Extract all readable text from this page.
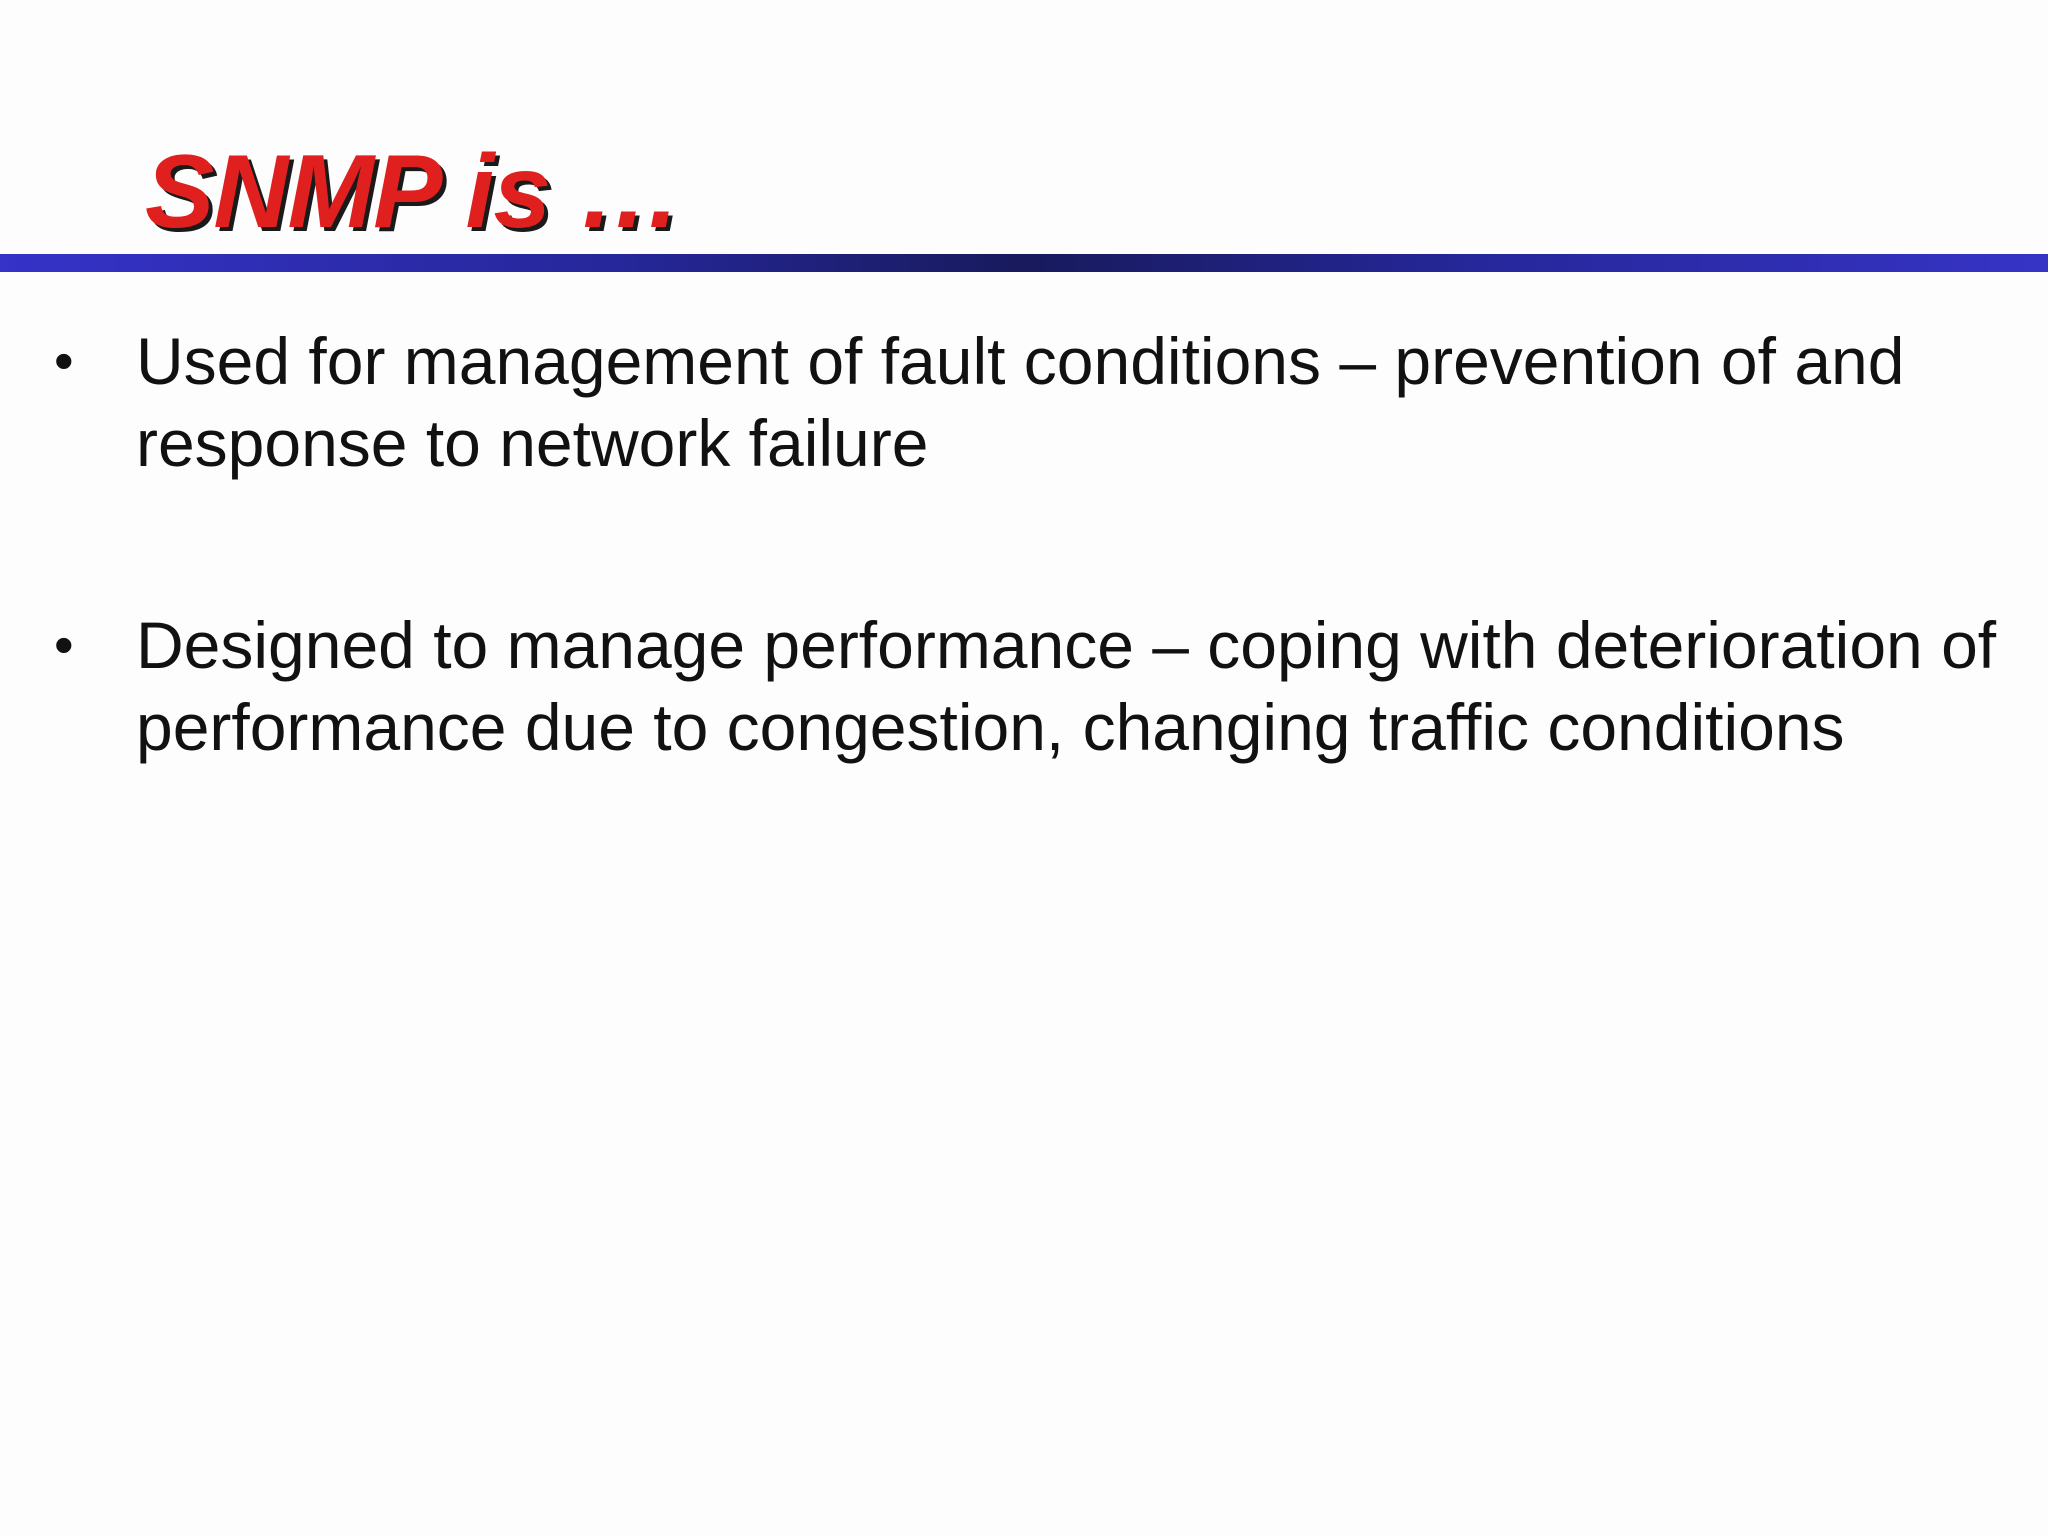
SNMP is …
• Used for management of fault conditions – prevention of and response to network failure
• Designed to manage performance – coping with deterioration of performance due to congestion, changing traffic conditions
